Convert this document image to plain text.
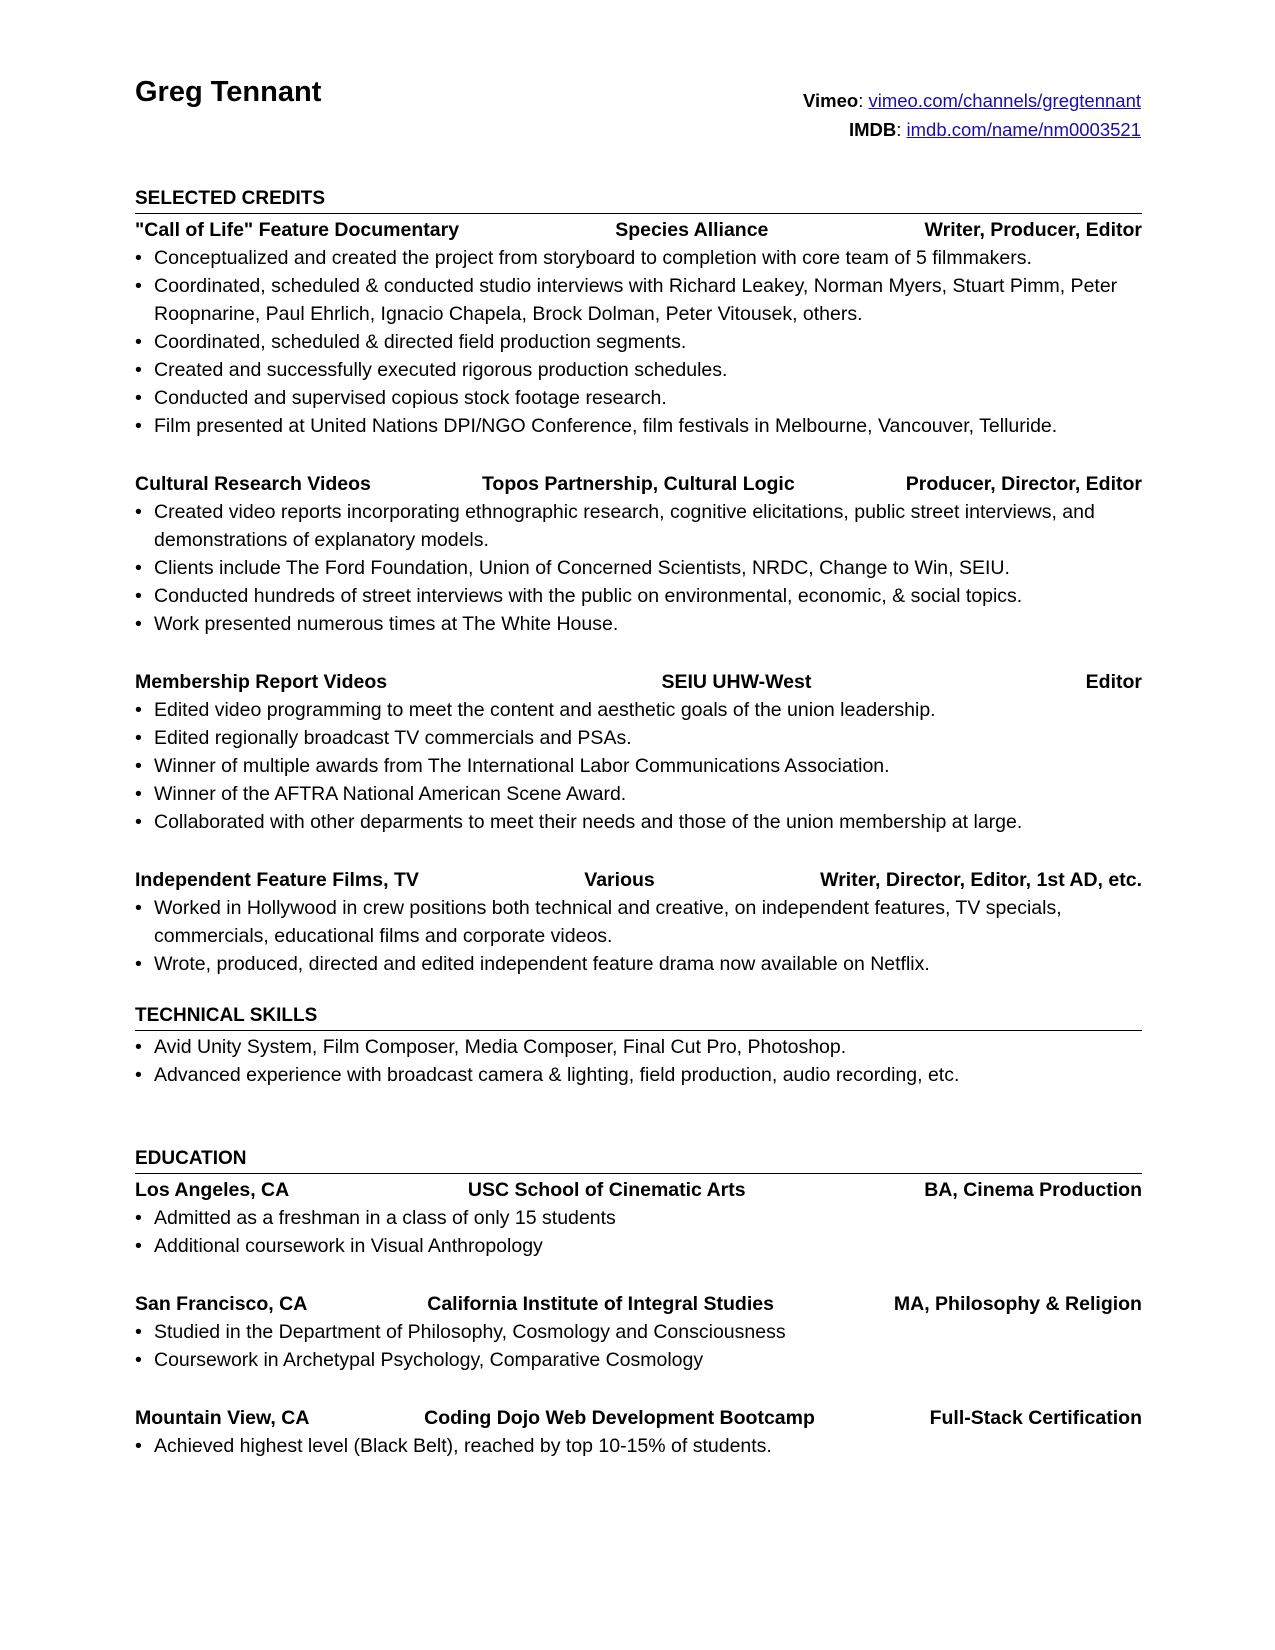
Greg Tennant	Vimeo: vimeo.com/channels/gregtennant
IMDB: imdb.com/name/nm0003521
SELECTED CREDITS
"Call of Life" Feature Documentary	Species Alliance	Writer, Producer, Editor
• Conceptualized and created the project from storyboard to completion with core team of 5 filmmakers.
• Coordinated, scheduled & conducted studio interviews with Richard Leakey, Norman Myers, Stuart Pimm, Peter Roopnarine, Paul Ehrlich, Ignacio Chapela, Brock Dolman, Peter Vitousek, others.
• Coordinated, scheduled & directed field production segments.
• Created and successfully executed rigorous production schedules.
• Conducted and supervised copious stock footage research.
• Film presented at United Nations DPI/NGO Conference, film festivals in Melbourne, Vancouver, Telluride.
Cultural Research Videos	Topos Partnership, Cultural Logic	Producer, Director, Editor
• Created video reports incorporating ethnographic research, cognitive elicitations, public street interviews, and demonstrations of explanatory models.
• Clients include The Ford Foundation, Union of Concerned Scientists, NRDC, Change to Win, SEIU.
• Conducted hundreds of street interviews with the public on environmental, economic, & social topics.
• Work presented numerous times at The White House.
Membership Report Videos	SEIU UHW-West	Editor
• Edited video programming to meet the content and aesthetic goals of the union leadership.
• Edited regionally broadcast TV commercials and PSAs.
• Winner of multiple awards from The International Labor Communications Association.
• Winner of the AFTRA National American Scene Award.
• Collaborated with other deparments to meet their needs and those of the union membership at large.
Independent Feature Films, TV	Various	Writer, Director, Editor, 1st AD, etc.
• Worked in Hollywood in crew positions both technical and creative, on independent features, TV specials, commercials, educational films and corporate videos.
• Wrote, produced, directed and edited independent feature drama now available on Netflix.
TECHNICAL SKILLS
• Avid Unity System, Film Composer, Media Composer, Final Cut Pro, Photoshop.
• Advanced experience with broadcast camera & lighting, field production, audio recording, etc.
EDUCATION
Los Angeles, CA	USC School of Cinematic Arts	BA, Cinema Production
• Admitted as a freshman in a class of only 15 students
• Additional coursework in Visual Anthropology
San Francisco, CA	California Institute of Integral Studies	MA, Philosophy & Religion
• Studied in the Department of Philosophy, Cosmology and Consciousness
• Coursework in Archetypal Psychology, Comparative Cosmology
Mountain View, CA	Coding Dojo Web Development Bootcamp	Full-Stack Certification
• Achieved highest level (Black Belt), reached by top 10-15% of students.
